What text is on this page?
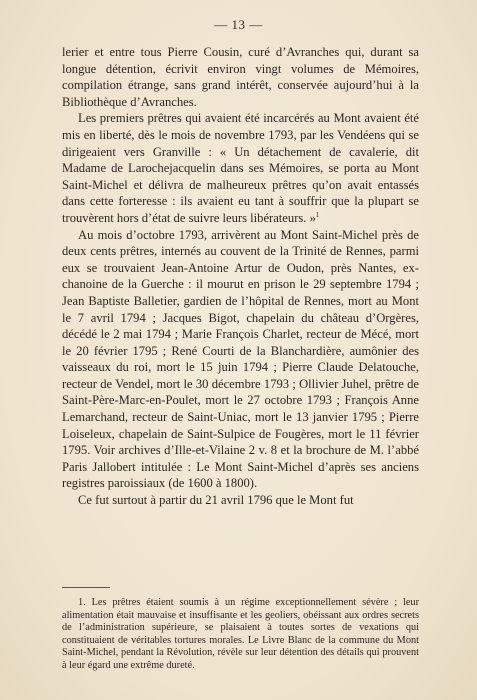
— 13 —

lerier et entre tous Pierre Cousin, curé d’Avranches qui, durant sa longue détention, écrivit environ vingt volumes de Mémoires, compilation étrange, sans grand intérêt, conservée aujourd’hui à la Bibliothèque d’Avranches.

Les premiers prêtres qui avaient été incarcérés au Mont avaient été mis en liberté, dès le mois de novembre 1793, par les Vendéens qui se dirigeaient vers Granville : « Un détachement de cavalerie, dit Madame de Larochejacquelin dans ses Mémoires, se porta au Mont Saint-Michel et délivra de malheureux prêtres qu’on avait entassés dans cette forteresse : ils avaient eu tant à souffrir que la plupart se trouvèrent hors d’état de suivre leurs libérateurs. »$^1$

Au mois d’octobre 1793, arrivèrent au Mont Saint-Michel près de deux cents prêtres, internés au couvent de la Trinité de Rennes, parmi eux se trouvaient Jean-Antoine Artur de Oudon, près Nantes, ex-chanoine de la Guerche : il mourut en prison le 29 septembre 1794 ; Jean Baptiste Balletier, gardien de l’hôpital de Rennes, mort au Mont le 7 avril 1794 ; Jacques Bigot, chapelain du château d’Orgères, décédé le 2 mai 1794 ; Marie François Charlet, recteur de Mécé, mort le 20 février 1795 ; René Courti de la Blanchardière, aumônier des vaisseaux du roi, mort le 15 juin 1794 ; Pierre Claude Delatouche, recteur de Vendel, mort le 30 décembre 1793 ; Ollivier Juhel, prêtre de Saint-Père-Marc-en-Poulet, mort le 27 octobre 1793 ; François Anne Lemarchand, recteur de Saint-Uniac, mort le 13 janvier 1795 ; Pierre Loiseleux, chapelain de Saint-Sulpice de Fougères, mort le 11 février 1795. Voir archives d’Ille-et-Vilaine 2 v. 8 et la brochure de M. l’abbé Paris Jallobert intitulée : Le Mont Saint-Michel d’après ses anciens registres paroissiaux (de 1600 à 1800).

Ce fut surtout à partir du 21 avril 1796 que le Mont fut

1. Les prêtres étaient soumis à un régime exceptionnellement sévère ; leur alimentation était mauvaise et insuffisante et les geoliers, obéissant aux ordres secrets de l’administration supérieure, se plaisaient à toutes sortes de vexations qui constituaient de véritables tortures morales. Le Livre Blanc de la commune du Mont Saint-Michel, pendant la Révolution, révèle sur leur détention des détails qui prouvent à leur égard une extrême dureté.
